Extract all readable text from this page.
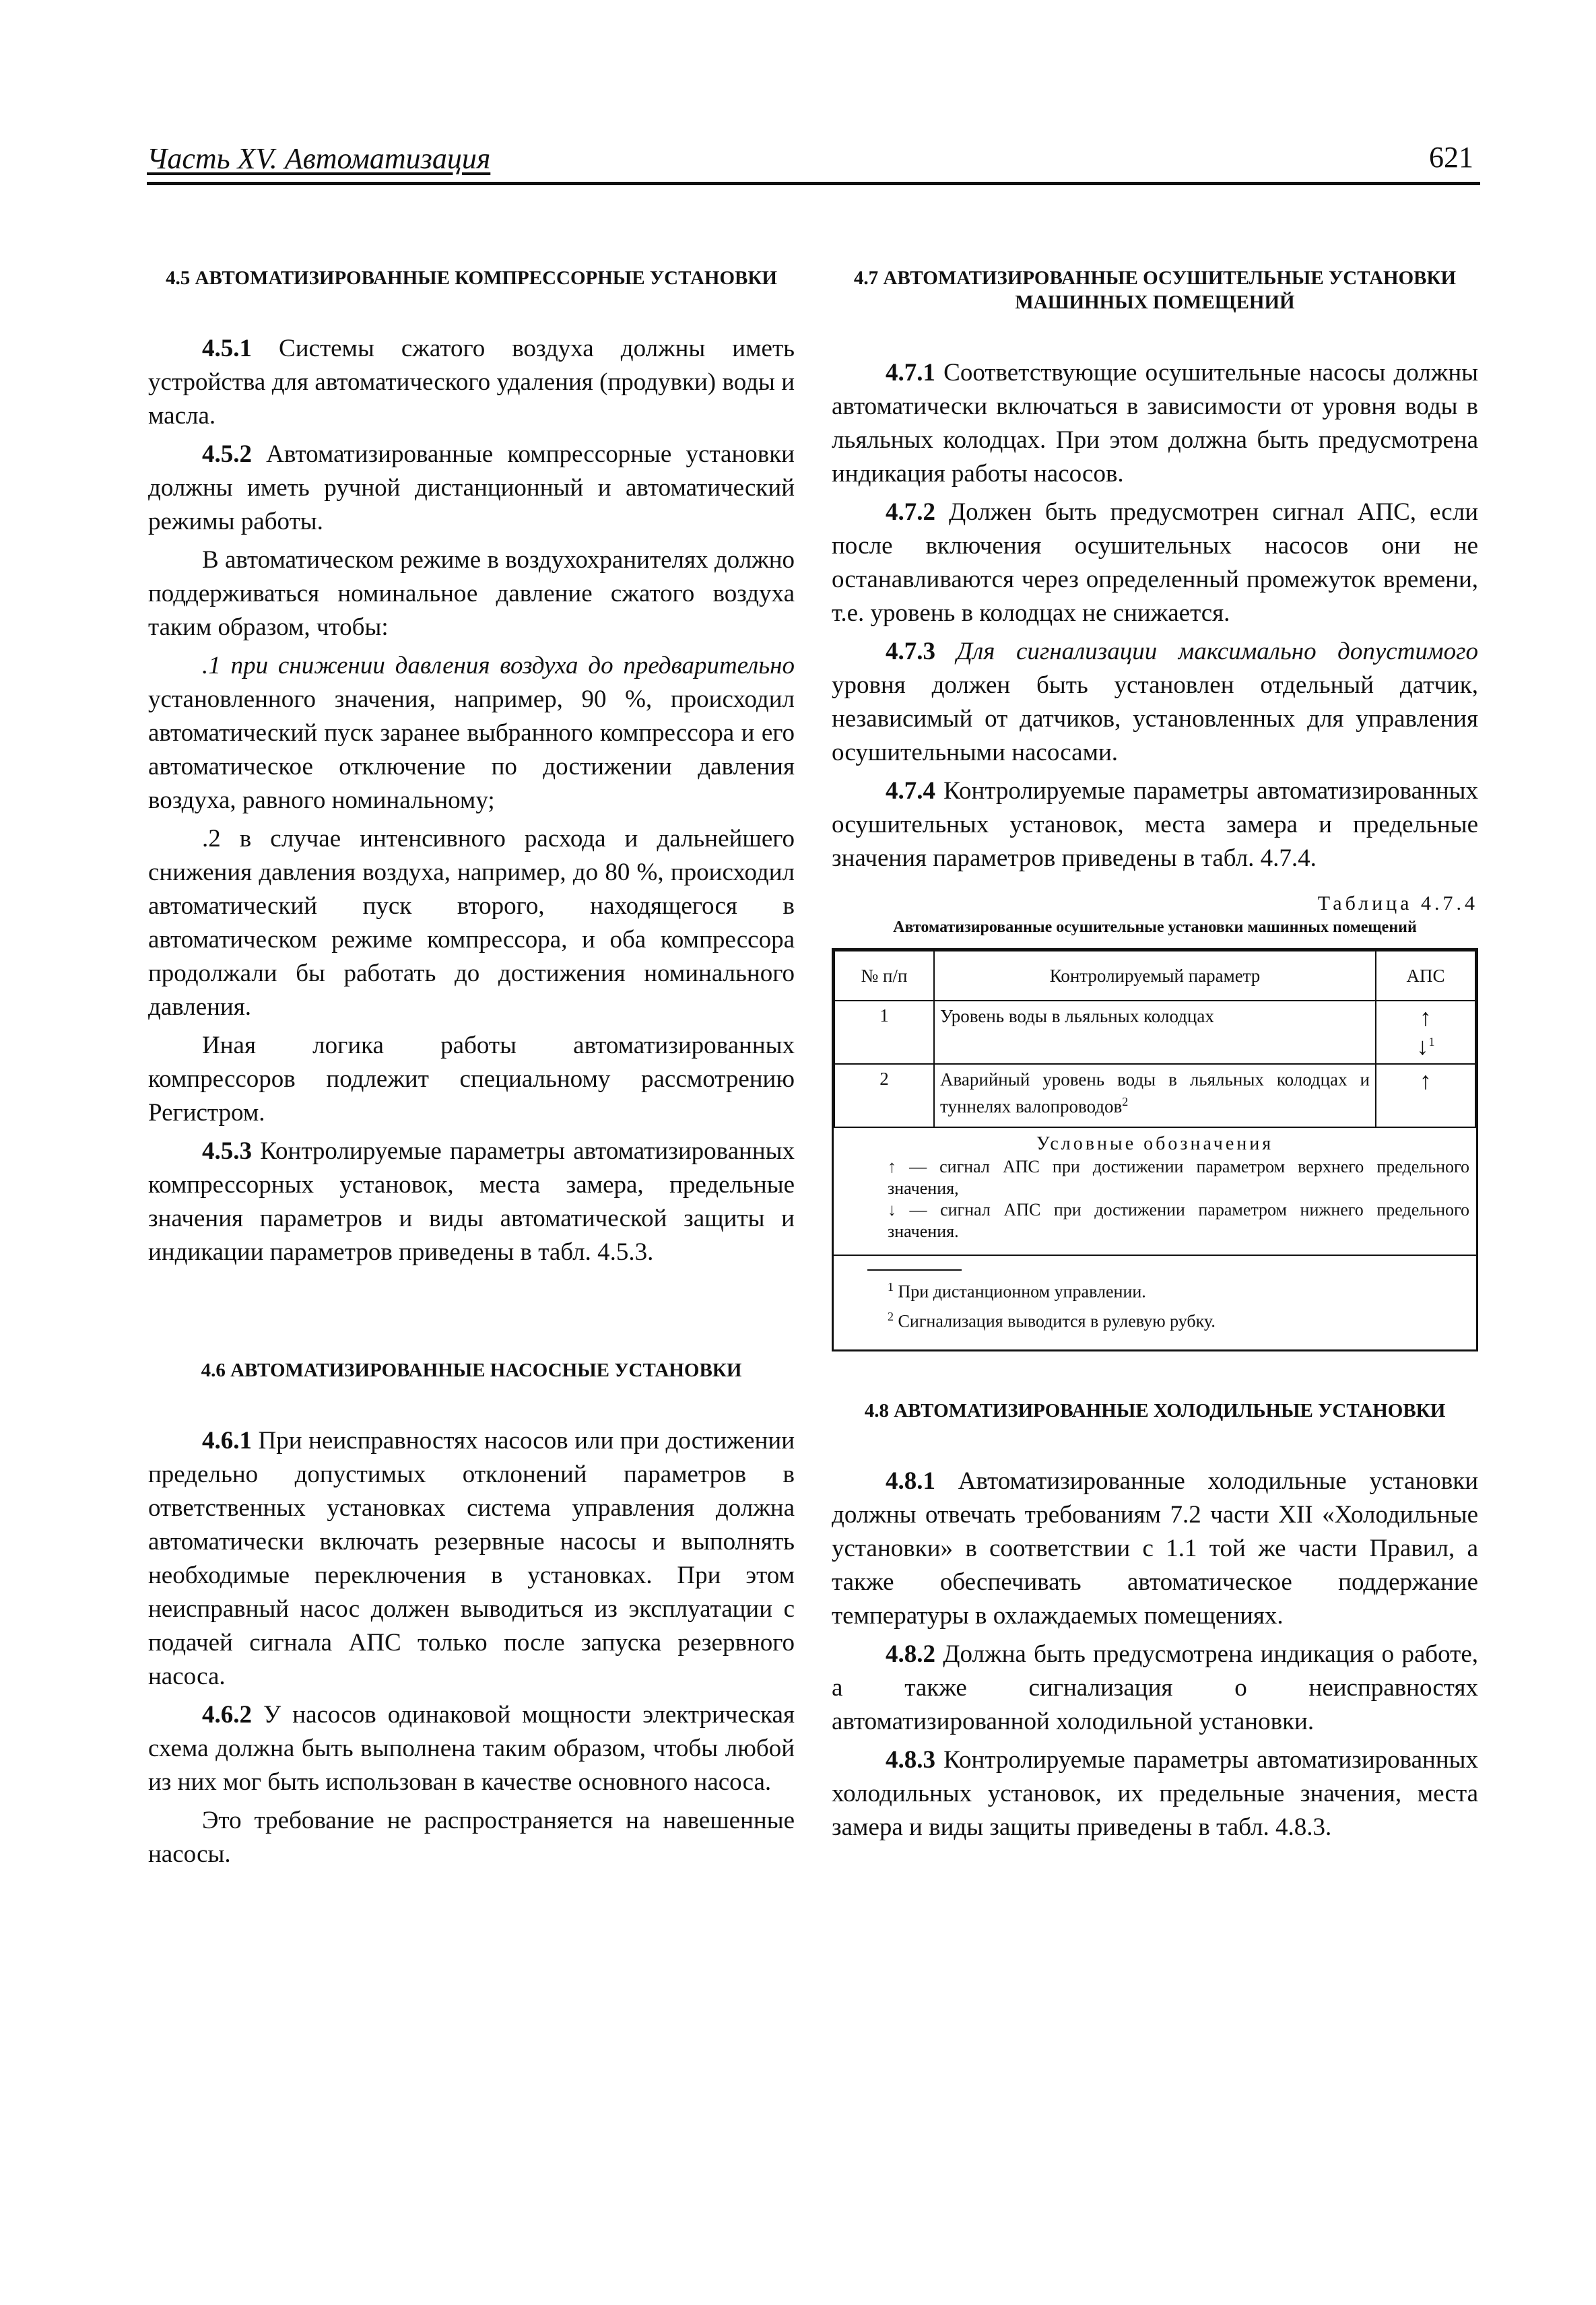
Часть XV. Автоматизация	621
4.5 АВТОМАТИЗИРОВАННЫЕ КОМПРЕССОРНЫЕ УСТАНОВКИ

4.5.1 Системы сжатого воздуха должны иметь устройства для автоматического удаления (продувки) воды и масла.

4.5.2 Автоматизированные компрессорные установки должны иметь ручной дистанционный и автоматический режимы работы.

В автоматическом режиме в воздухохранителях должно поддерживаться номинальное давление сжатого воздуха таким образом, чтобы:

.1 при снижении давления воздуха до предварительно установленного значения, например, 90 %, происходил автоматический пуск заранее выбранного компрессора и его автоматическое отключение по достижении давления воздуха, равного номинальному;

.2 в случае интенсивного расхода и дальнейшего снижения давления воздуха, например, до 80 %, происходил автоматический пуск второго, находящегося в автоматическом режиме компрессора, и оба компрессора продолжали бы работать до достижения номинального давления.

Иная логика работы автоматизированных компрессоров подлежит специальному рассмотрению Регистром.

4.5.3 Контролируемые параметры автоматизированных компрессорных установок, места замера, предельные значения параметров и виды автоматической защиты и индикации параметров приведены в табл. 4.5.3.

4.6 АВТОМАТИЗИРОВАННЫЕ НАСОСНЫЕ УСТАНОВКИ

4.6.1 При неисправностях насосов или при достижении предельно допустимых отклонений параметров в ответственных установках система управления должна автоматически включать резервные насосы и выполнять необходимые переключения в установках. При этом неисправный насос должен выводиться из эксплуатации с подачей сигнала АПС только после запуска резервного насоса.

4.6.2 У насосов одинаковой мощности электрическая схема должна быть выполнена таким образом, чтобы любой из них мог быть использован в качестве основного насоса.

Это требование не распространяется на навешенные насосы.

4.7 АВТОМАТИЗИРОВАННЫЕ ОСУШИТЕЛЬНЫЕ УСТАНОВКИ МАШИННЫХ ПОМЕЩЕНИЙ

4.7.1 Соответствующие осушительные насосы должны автоматически включаться в зависимости от уровня воды в льяльных колодцах. При этом должна быть предусмотрена индикация работы насосов.

4.7.2 Должен быть предусмотрен сигнал АПС, если после включения осушительных насосов они не останавливаются через определенный промежуток времени, т.е. уровень в колодцах не снижается.

4.7.3 Для сигнализации максимально допустимого уровня должен быть установлен отдельный датчик, независимый от датчиков, установленных для управления осушительными насосами.

4.7.4 Контролируемые параметры автоматизированных осушительных установок, места замера и предельные значения параметров приведены в табл. 4.7.4.

Таблица 4.7.4
Автоматизированные осушительные установки машинных помещений
№ п/п	Контролируемый параметр	АПС
1	Уровень воды в льяльных колодцах	↑
↓$^1$

2	Аварийный уровень воды в льяльных колодцах и туннелях валопроводов$^2$	↑
Условные обозначения

↑ — сигнал АПС при достижении параметром верхнего предельного значения,

↓ — сигнал АПС при достижении параметром нижнего предельного значения.

$^1$ При дистанционном управлении.

$^2$ Сигнализация выводится в рулевую рубку.

4.8 АВТОМАТИЗИРОВАННЫЕ ХОЛОДИЛЬНЫЕ УСТАНОВКИ

4.8.1 Автоматизированные холодильные установки должны отвечать требованиям 7.2 части XII «Холодильные установки» в соответствии с 1.1 той же части Правил, а также обеспечивать автоматическое поддержание температуры в охлаждаемых помещениях.

4.8.2 Должна быть предусмотрена индикация о работе, а также сигнализация о неисправностях автоматизированной холодильной установки.

4.8.3 Контролируемые параметры автоматизированных холодильных установок, их предельные значения, места замера и виды защиты приведены в табл. 4.8.3.
